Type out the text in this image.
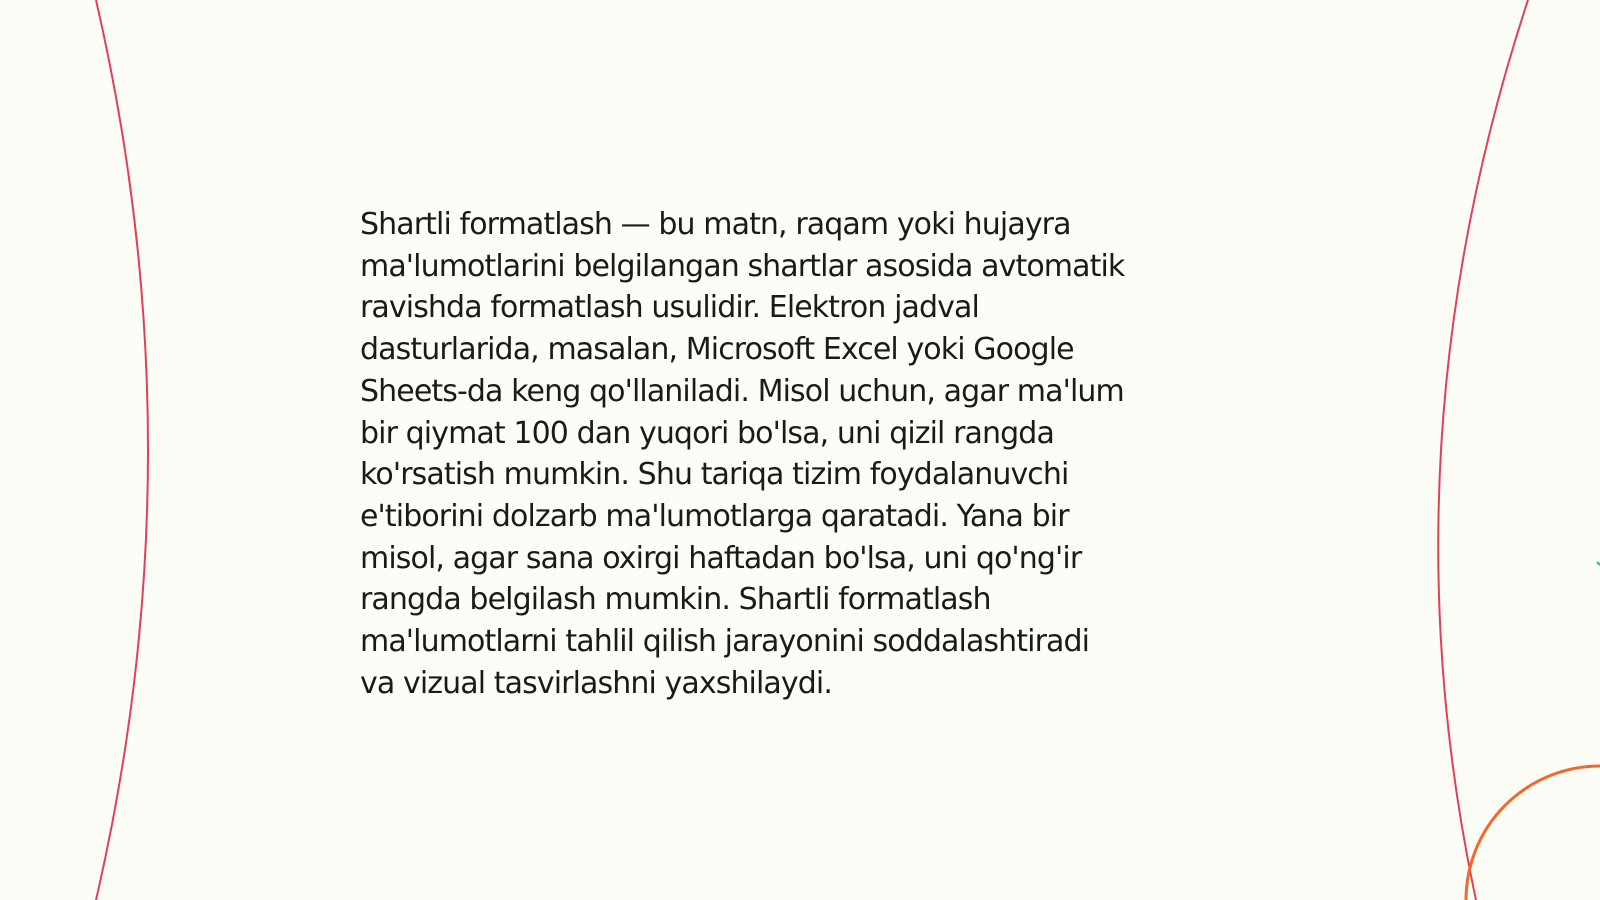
Shartli formatlash — bu matn, raqam yoki hujayra
ma'lumotlarini belgilangan shartlar asosida avtomatik
ravishda formatlash usulidir. Elektron jadval
dasturlarida, masalan, Microsoft Excel yoki Google
Sheets-da keng qo'llaniladi. Misol uchun, agar ma'lum
bir qiymat 100 dan yuqori bo'lsa, uni qizil rangda
ko'rsatish mumkin. Shu tariqa tizim foydalanuvchi
e'tiborini dolzarb ma'lumotlarga qaratadi. Yana bir
misol, agar sana oxirgi haftadan bo'lsa, uni qo'ng'ir
rangda belgilash mumkin. Shartli formatlash
ma'lumotlarni tahlil qilish jarayonini soddalashtiradi
va vizual tasvirlashni yaxshilaydi.
